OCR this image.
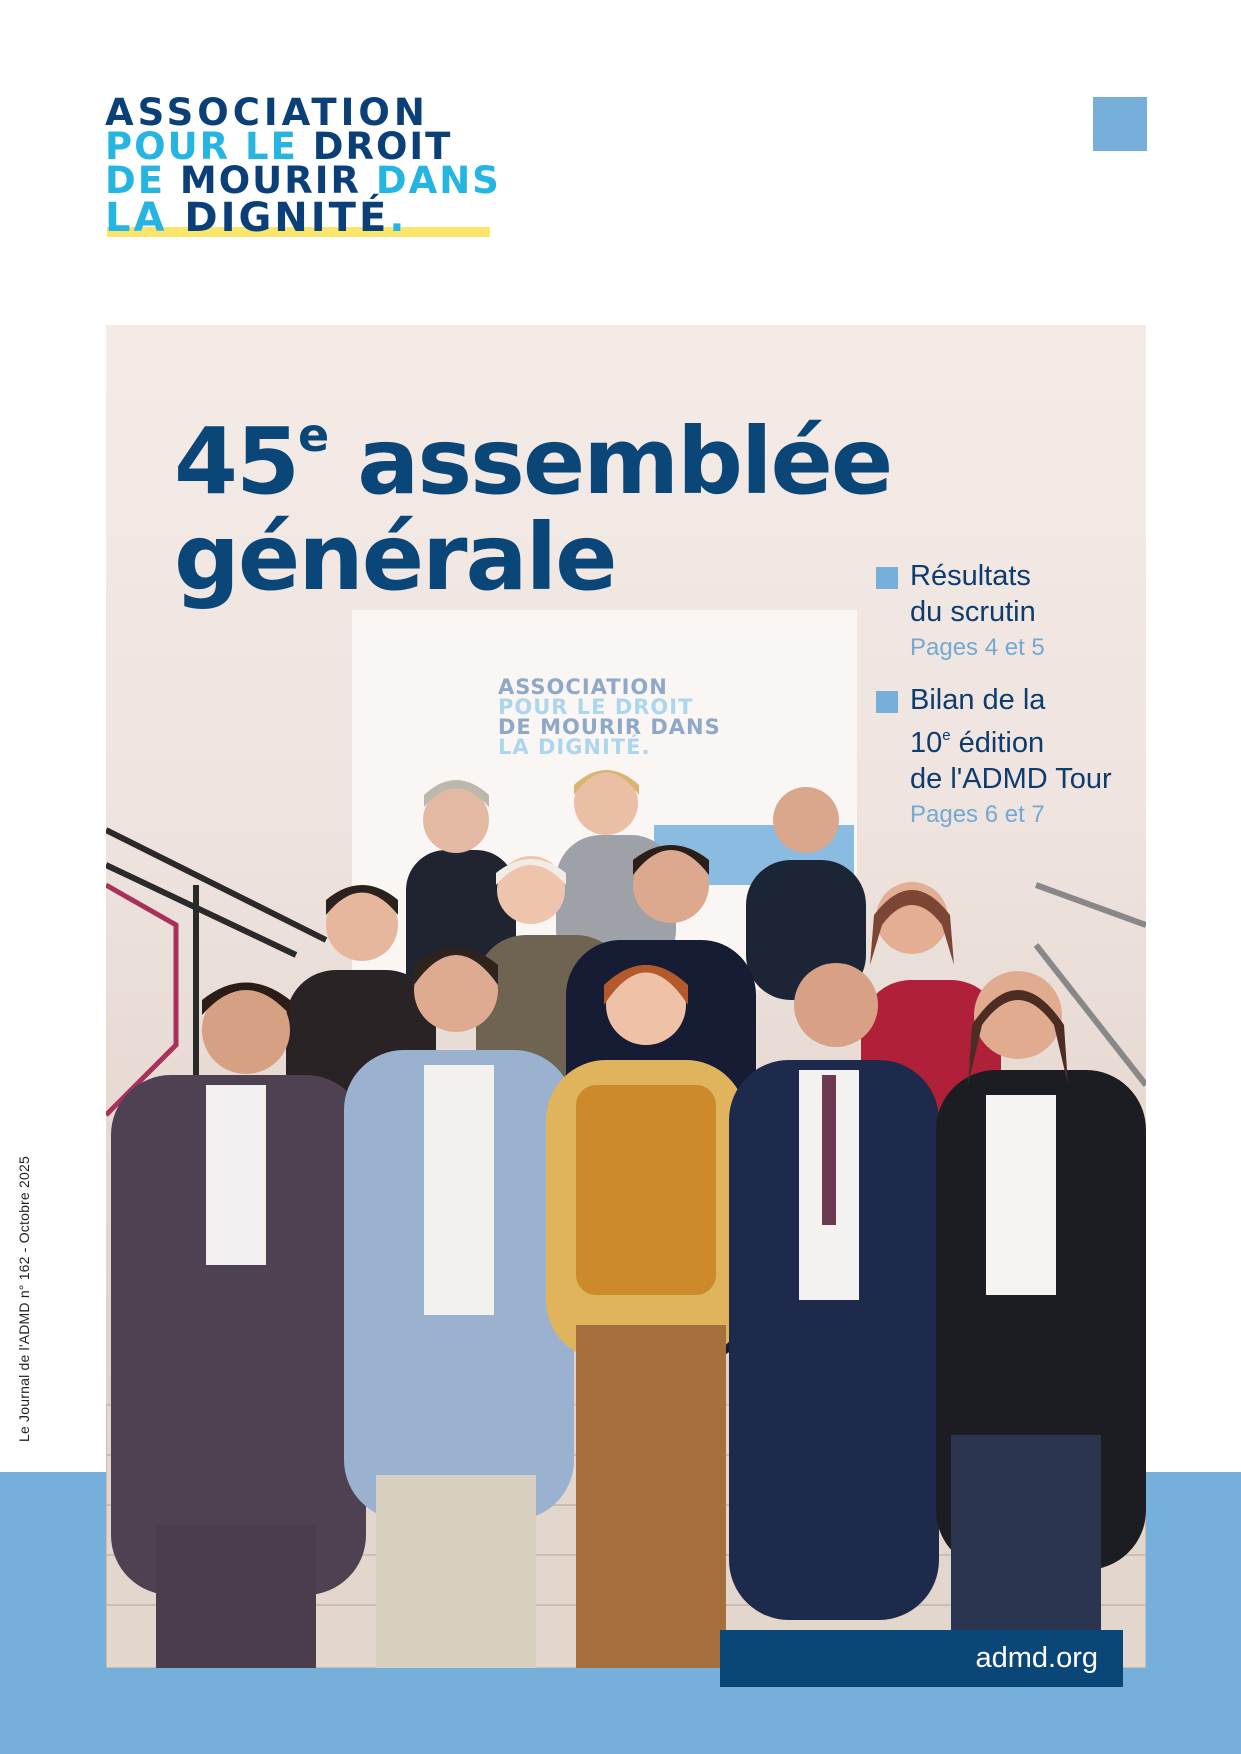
ASSOCIATION
POUR LE DROIT
DE MOURIR DANS
LA DIGNITÉ.
45e assemblée
générale
ASSOCIATION
POUR LE DROIT
DE MOURIR DANS
LA DIGNITÉ.
Résultats
du scrutin
Pages 4 et 5
Bilan de la
10e édition
de l'ADMD Tour
Pages 6 et 7
admd.org
Le Journal de l'ADMD n° 162 - Octobre 2025
